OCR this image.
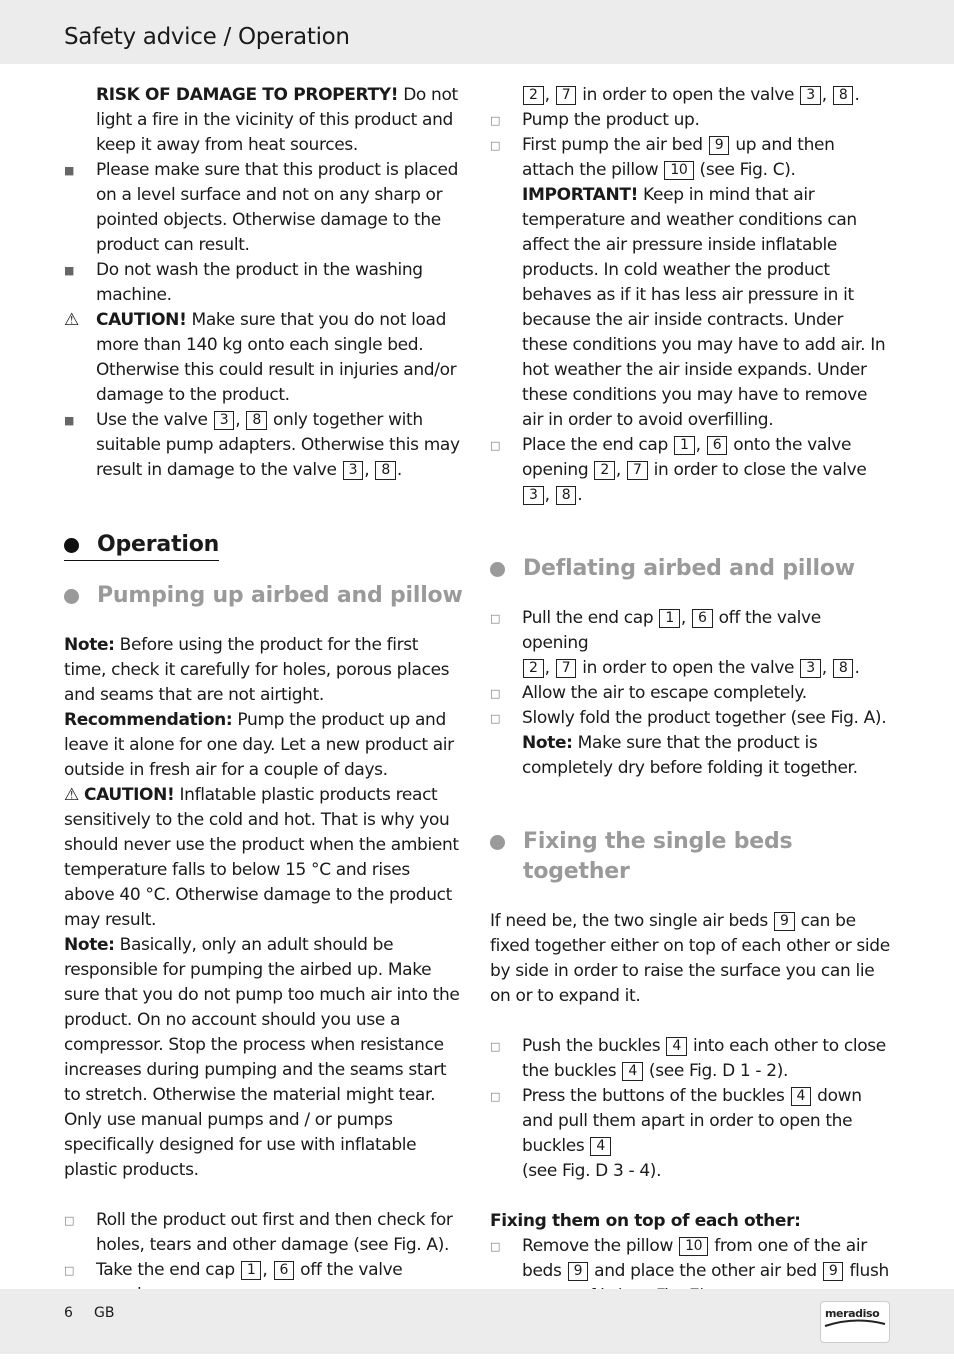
Safety advice / Operation
RISK OF DAMAGE TO PROPERTY! Do not light a fire in the vicinity of this product and keep it away from heat sources.
■ Please make sure that this product is placed on a level surface and not on any sharp or pointed objects. Otherwise damage to the product can result.
■ Do not wash the product in the washing machine.
⚠ CAUTION! Make sure that you do not load more than 140 kg onto each single bed. Otherwise this could result in injuries and/or damage to the product.
■ Use the valve 3 , 8 only together with suitable pump adapters. Otherwise this may result in damage to the valve 3 , 8 .
Operation
Pumping up airbed and pillow

Note: Before using the product for the first time, check it carefully for holes, porous places and seams that are not airtight.

Recommendation: Pump the product up and leave it alone for one day. Let a new product air outside in fresh air for a couple of days.

⚠ CAUTION! Inflatable plastic products react sensitively to the cold and hot. That is why you should never use the product when the ambient temperature falls to below 15 °C and rises above 40 °C. Otherwise damage to the product may result.

Note: Basically, only an adult should be responsible for pumping the airbed up. Make sure that you do not pump too much air into the product. On no account should you use a compressor. Stop the process when resistance increases during pumping and the seams start to stretch. Otherwise the material might tear. Only use manual pumps and / or pumps specifically designed for use with inflatable plastic products.

□ Roll the product out first and then check for holes, tears and other damage (see Fig. A).
□ Take the end cap 1 , 6 off the valve
2 , 7 in order to open the valve 3 , 8 .
□ Pump the product up.
□ First pump the air bed 9 up and then attach the pillow 10 (see Fig. C).
IMPORTANT! Keep in mind that air temperature and weather conditions can affect the air pressure inside inflatable products. In cold weather the product behaves as if it has less air pressure in it because the air inside contracts. Under these conditions you may have to add air. In hot weather the air inside expands. Under these conditions you may have to remove air in order to avoid overfilling.
□ Place the end cap 1 , 6 onto the valve opening 2 , 7 in order to close the valve 3 , 8 .
Deflating airbed and pillow
□ Pull the end cap 1 , 6 off the valve opening
2 , 7 in order to open the valve 3 , 8 .
□ Allow the air to escape completely.
□ Slowly fold the product together (see Fig. A).
Note: Make sure that the product is completely dry before folding it together.
Fixing the single beds together

If need be, the two single air beds 9 can be fixed together either on top of each other or side by side in order to raise the surface you can lie on or to expand it.

□ Push the buckles 4 into each other to close the buckles 4 (see Fig. D 1 - 2).
□ Press the buttons of the buckles 4 down and pull them apart in order to open the buckles 4
(see Fig. D 3 - 4).

Fixing them on top of each other:

□ Remove the pillow 10 from one of the air beds 9 and place the other air bed 9 flush
6 GB	meradiso
